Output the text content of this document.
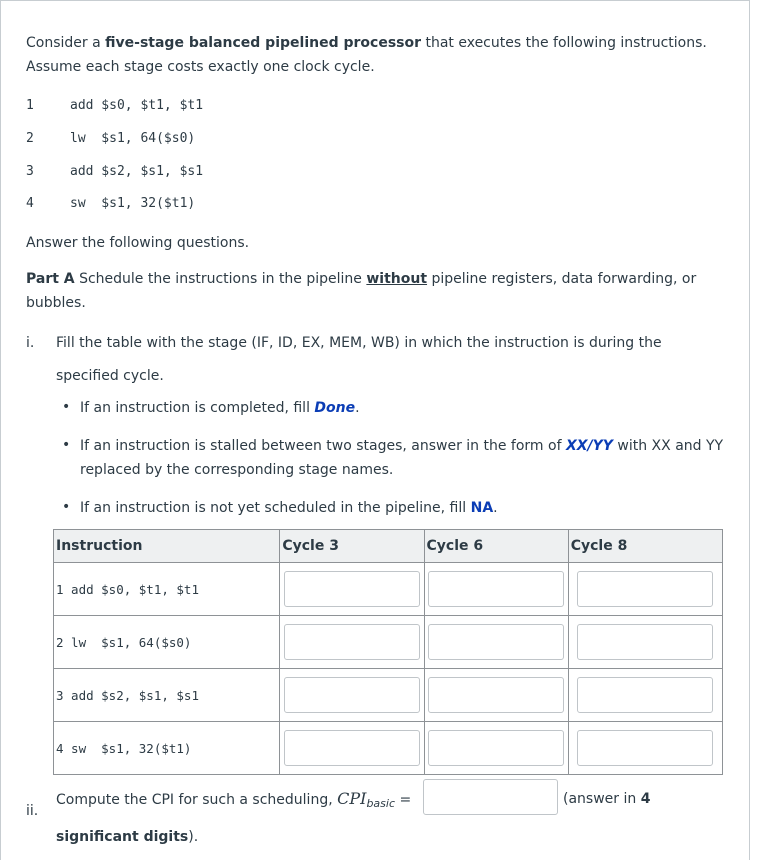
Consider a five-stage balanced pipelined processor that executes the following instructions. Assume each stage costs exactly one clock cycle.
1	add $s0, $t1, $t1
2	lw  $s1, 64($s0)
3	add $s2, $s1, $s1
4	sw  $s1, 32($t1)
Answer the following questions.
Part A Schedule the instructions in the pipeline without pipeline registers, data forwarding, or bubbles.
i. Fill the table with the stage (IF, ID, EX, MEM, WB) in which the instruction is during the
specified cycle.
• If an instruction is completed, fill Done.
• If an instruction is stalled between two stages, answer in the form of XX/YY with XX and YY
replaced by the corresponding stage names.
• If an instruction is not yet scheduled in the pipeline, fill NA.
Instruction	Cycle 3	Cycle 6	Cycle 8
1 add $s0, $t1, $t1	

2 lw  $s1, 64($s0)	

3 add $s2, $s1, $s1	

4 sw  $s1, 32($t1)	

ii.
Compute the CPI for such a scheduling, $CPI_{basic}$ =	(answer in 4
significant digits).
